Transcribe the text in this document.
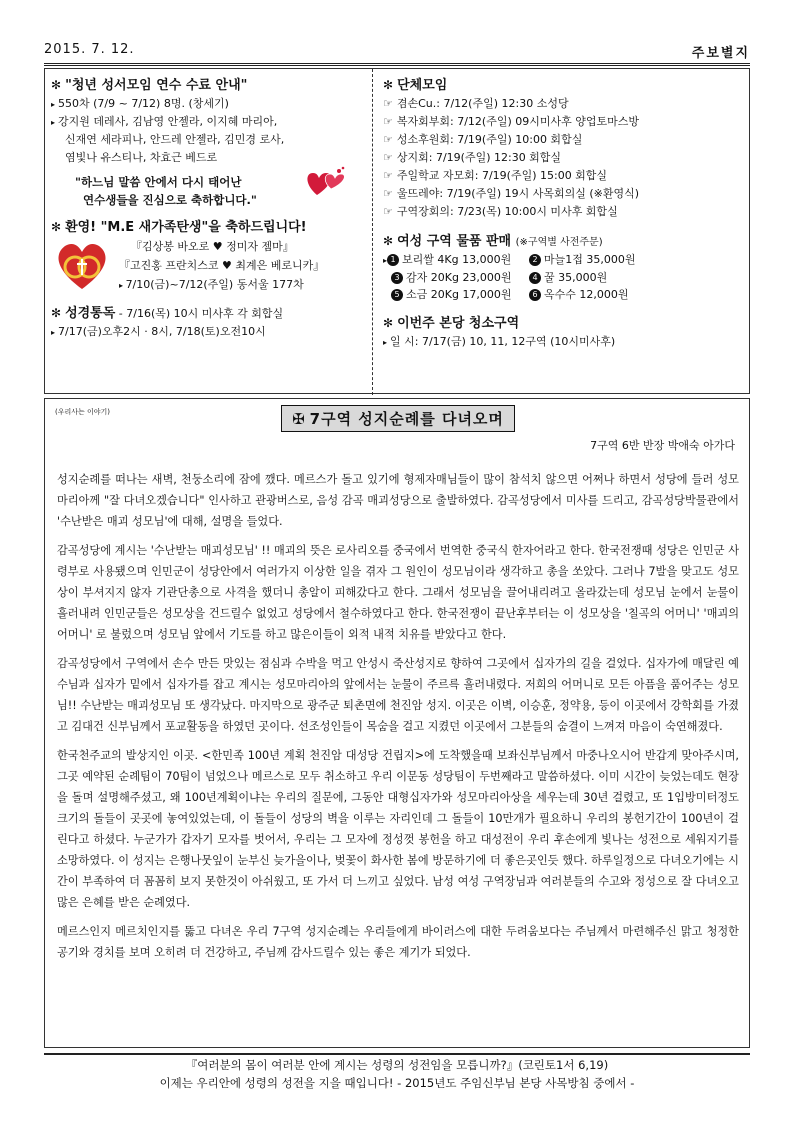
2015. 7. 12.	주보별지
✻ "청년 성서모임 연수 수료 안내"
▸ 550차 (7/9 ~ 7/12) 8명. (창세기)
▸ 강지원 데레사, 김남영 안젤라, 이지혜 마리아,
신재연 세라피나, 안드레 안젤라, 김민경 로사,
염빛나 유스티나, 차효근 베드로
"하느님 말씀 안에서 다시 태어난
연수생들을 진심으로 축하합니다."
✻ 환영! "M.E 새가족탄생"을 축하드립니다!
『김상봉 바오로 ♥ 정미자 젬마』
『고진홍 프란치스코 ♥ 최계은 베로니카』
▸ 7/10(금)~7/12(주일) 동서울 177차
✻ 성경통독 - 7/16(목) 10시 미사후 각 회합실
▸ 7/17(금)오후2시 · 8시, 7/18(토)오전10시
✻ 단체모임
☞ 겸손Cu.: 7/12(주일) 12:30 소성당
☞ 복자회부회: 7/12(주일) 09시미사후 양업토마스방
☞ 성소후원회: 7/19(주일) 10:00 회합실
☞ 상지회: 7/19(주일) 12:30 회합실
☞ 주일학교 자모회: 7/19(주일) 15:00 회합실
☞ 울뜨레야: 7/19(주일) 19시 사목회의실 (※환영식)
☞ 구역장회의: 7/23(목) 10:00시 미사후 회합실
✻ 여성 구역 물품 판매 (※구역별 사전주문)
▸ 1 보리쌀 4Kg 13,000원	2 마늘1접 35,000원
3 감자 20Kg 23,000원	4 꿀 35,000원
5 소금 20Kg 17,000원	6 옥수수 12,000원
✻ 이번주 본당 청소구역
▸ 일 시: 7/17(금) 10, 11, 12구역 (10시미사후)
(우리사는 이야기)	✠ 7구역 성지순례를 다녀오며
7구역 6반 반장 박애숙 아가다

성지순례를 떠나는 새벽, 천둥소리에 잠에 깼다. 메르스가 돌고 있기에 형제자매님들이 많이 참석치 않으면 어쩌나 하면서 성당에 들러 성모마리아께 "잘 다녀오겠습니다" 인사하고 관광버스로, 음성 감곡 매괴성당으로 출발하였다. 감곡성당에서 미사를 드리고, 감곡성당박물관에서 '수난받은 매괴 성모님'에 대해, 설명을 들었다.

감곡성당에 계시는 '수난받는 매괴성모님' !! 매괴의 뜻은 로사리오를 중국에서 번역한 중국식 한자어라고 한다. 한국전쟁때 성당은 인민군 사령부로 사용됐으며 인민군이 성당안에서 여러가지 이상한 일을 겪자 그 원인이 성모님이라 생각하고 총을 쏘았다. 그러나 7발을 맞고도 성모상이 부셔지지 않자 기관단총으로 사격을 했더니 총알이 피해갔다고 한다. 그래서 성모님을 끌어내리려고 올라갔는데 성모님 눈에서 눈물이 흘러내려 인민군들은 성모상을 건드릴수 없었고 성당에서 철수하였다고 한다. 한국전쟁이 끝난후부터는 이 성모상을 '칠곡의 어머니' '매괴의 어머니' 로 불렀으며 성모님 앞에서 기도를 하고 많은이들이 외적 내적 치유를 받았다고 한다.

감곡성당에서 구역에서 손수 만든 맛있는 점심과 수박을 먹고 안성시 죽산성지로 향하여 그곳에서 십자가의 길을 걸었다. 십자가에 매달린 예수님과 십자가 밑에서 십자가를 잡고 계시는 성모마리아의 앞에서는 눈물이 주르륵 흘러내렸다. 저희의 어머니로 모든 아픔을 품어주는 성모님!! 수난받는 매괴성모님 또 생각났다. 마지막으로 광주군 퇴촌면에 천진암 성지. 이곳은 이벽, 이승훈, 정약용, 등이 이곳에서 강학회를 가졌고 김대건 신부님께서 포교활동을 하였던 곳이다. 선조성인들이 목숨을 걸고 지켰던 이곳에서 그분들의 숨결이 느껴져 마음이 숙연해졌다.

한국천주교의 발상지인 이곳. <한민족 100년 계획 천진암 대성당 건립지>에 도착했을때 보좌신부님께서 마중나오시어 반갑게 맞아주시며, 그곳 예약된 순례팀이 70팀이 넘었으나 메르스로 모두 취소하고 우리 이문동 성당팀이 두번째라고 말씀하셨다. 이미 시간이 늦었는데도 현장을 돌며 설명해주셨고, 왜 100년계획이냐는 우리의 질문에, 그동안 대형십자가와 성모마리아상을 세우는데 30년 걸렸고, 또 1입방미터정도 크기의 돌들이 곳곳에 놓여있었는데, 이 돌들이 성당의 벽을 이루는 자리인데 그 돌들이 10만개가 필요하니 우리의 봉헌기간이 100년이 걸린다고 하셨다. 누군가가 갑자기 모자를 벗어서, 우리는 그 모자에 정성껏 봉헌을 하고 대성전이 우리 후손에게 빛나는 성전으로 세워지기를 소망하였다. 이 성지는 은행나뭇잎이 눈부신 늦가을이나, 벚꽃이 화사한 봄에 방문하기에 더 좋은곳인듯 했다. 하루일정으로 다녀오기에는 시간이 부족하여 더 꼼꼼히 보지 못한것이 아쉬웠고, 또 가서 더 느끼고 싶었다. 남성 여성 구역장님과 여러분들의 수고와 정성으로 잘 다녀오고 많은 은혜를 받은 순례였다.

메르스인지 메르치인지를 뚫고 다녀온 우리 7구역 성지순례는 우리들에게 바이러스에 대한 두려움보다는 주님께서 마련해주신 맑고 청정한 공기와 경치를 보며 오히려 더 건강하고, 주님께 감사드릴수 있는 좋은 계기가 되었다.

『여러분의 몸이 여러분 안에 계시는 성령의 성전임을 모릅니까?』(코린토1서 6,19)
이제는 우리안에 성령의 성전을 지을 때입니다! - 2015년도 주임신부님 본당 사목방침 중에서 -
